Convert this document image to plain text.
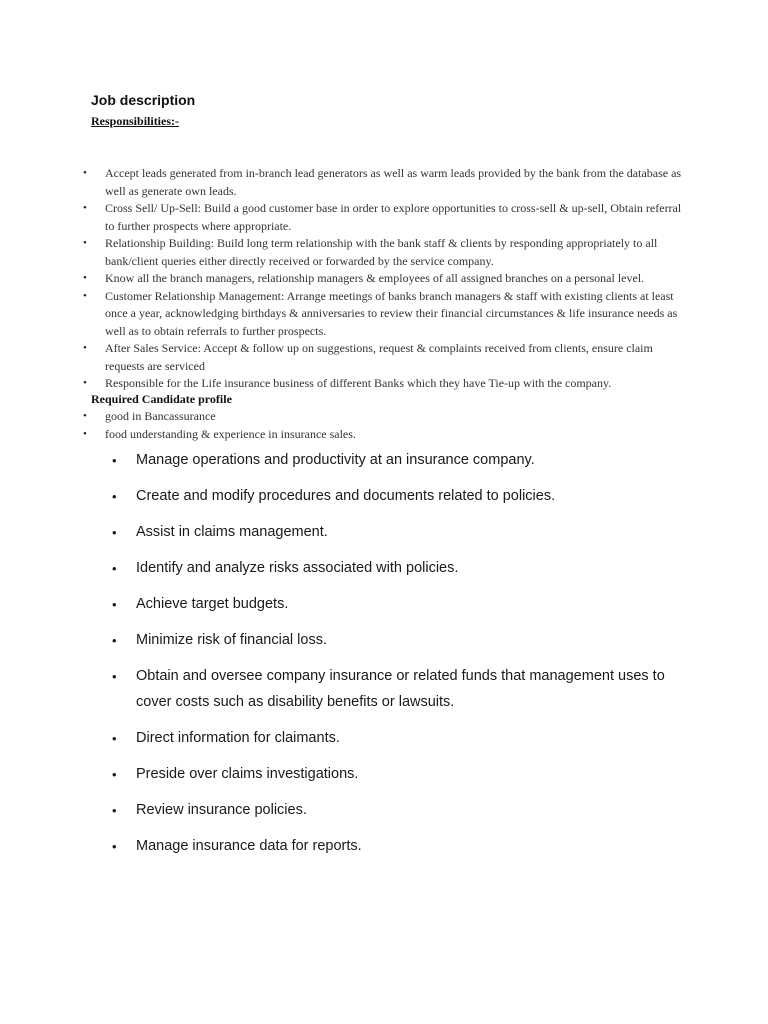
Job description
Responsibilities:-
• Accept leads generated from in-branch lead generators as well as warm leads provided by the bank from the database as well as generate own leads.
• Cross Sell/ Up-Sell: Build a good customer base in order to explore opportunities to cross-sell & up-sell, Obtain referral to further prospects where appropriate.
• Relationship Building: Build long term relationship with the bank staff & clients by responding appropriately to all bank/client queries either directly received or forwarded by the service company.
• Know all the branch managers, relationship managers & employees of all assigned branches on a personal level.
• Customer Relationship Management: Arrange meetings of banks branch managers & staff with existing clients at least once a year, acknowledging birthdays & anniversaries to review their financial circumstances & life insurance needs as well as to obtain referrals to further prospects.
• After Sales Service: Accept & follow up on suggestions, request & complaints received from clients, ensure claim requests are serviced
• Responsible for the Life insurance business of different Banks which they have Tie-up with the company.
Required Candidate profile
• good in Bancassurance
• food understanding & experience in insurance sales.
• Manage operations and productivity at an insurance company.
• Create and modify procedures and documents related to policies.
• Assist in claims management.
• Identify and analyze risks associated with policies.
• Achieve target budgets.
• Minimize risk of financial loss.
• Obtain and oversee company insurance or related funds that management uses to cover costs such as disability benefits or lawsuits.
• Direct information for claimants.
• Preside over claims investigations.
• Review insurance policies.
• Manage insurance data for reports.
